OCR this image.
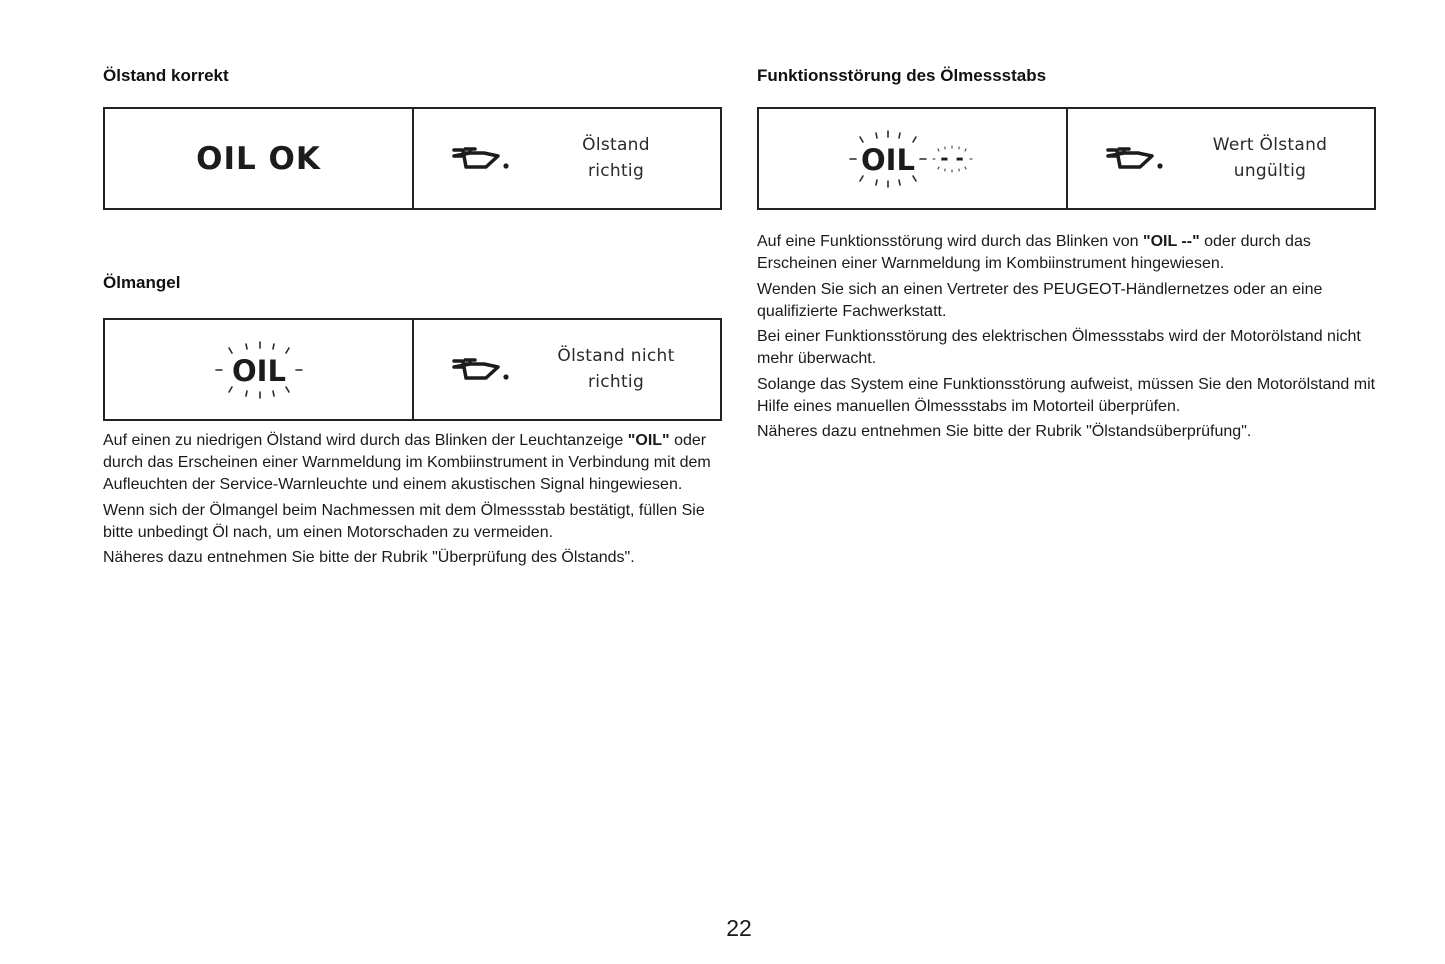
Ölstand korrekt
OIL OK	Ölstand
richtig
Ölmangel
OIL	Ölstand nicht
richtig

Auf einen zu niedrigen Ölstand wird durch das Blinken der Leuchtanzeige "OIL" oder durch das Erscheinen einer Warnmeldung im Kombiinstrument in Verbindung mit dem Aufleuchten der Service-Warnleuchte und einem akustischen Signal hingewiesen.

Wenn sich der Ölmangel beim Nachmessen mit dem Ölmessstab bestätigt, füllen Sie bitte unbedingt Öl nach, um einen Motorschaden zu vermeiden.

Näheres dazu entnehmen Sie bitte der Rubrik "Überprüfung des Ölstands".

Funktionsstörung des Ölmessstabs
OIL - -
Wert Ölstand
ungültig

Auf eine Funktionsstörung wird durch das Blinken von "OIL --" oder durch das Erscheinen einer Warnmeldung im Kombiinstrument hingewiesen.

Wenden Sie sich an einen Vertreter des PEUGEOT-Händlernetzes oder an eine qualifizierte Fachwerkstatt.

Bei einer Funktionsstörung des elektrischen Ölmessstabs wird der Motorölstand nicht mehr überwacht.

Solange das System eine Funktionsstörung aufweist, müssen Sie den Motorölstand mit Hilfe eines manuellen Ölmessstabs im Motorteil überprüfen.

Näheres dazu entnehmen Sie bitte der Rubrik "Ölstandsüberprüfung".

22
